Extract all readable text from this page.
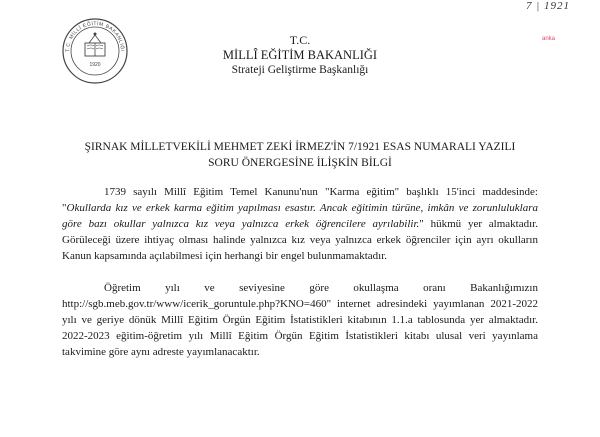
7 | 1921
anka
T.C. MİLLÎ EĞİTİM BAKANLIĞI
1920
T.C.
MİLLÎ EĞİTİM BAKANLIĞI
Strateji Geliştirme Başkanlığı
ŞIRNAK MİLLETVEKİLİ MEHMET ZEKİ İRMEZ'İN 7/1921 ESAS NUMARALI YAZILI
SORU ÖNERGESİNE İLİŞKİN BİLGİ
1739 sayılı Millî Eğitim Temel Kanunu'nun "Karma eğitim" başlıklı 15'inci maddesinde: "Okullarda kız ve erkek karma eğitim yapılması esastır. Ancak eğitimin türüne, imkân ve zorunluluklara göre bazı okullar yalnızca kız veya yalnızca erkek öğrencilere ayrılabilir." hükmü yer almaktadır. Görüleceği üzere ihtiyaç olması halinde yalnızca kız veya yalnızca erkek öğrenciler için ayrı okulların Kanun kapsamında açılabilmesi için herhangi bir engel bulunmamaktadır.
Öğretim yılı ve seviyesine göre okullaşma oranı Bakanlığımızın http://sgb.meb.gov.tr/www/icerik_goruntule.php?KNO=460" internet adresindeki yayımlanan 2021-2022 yılı ve geriye dönük Millî Eğitim Örgün Eğitim İstatistikleri kitabının 1.1.a tablosunda yer almaktadır. 2022-2023 eğitim-öğretim yılı Millî Eğitim Örgün Eğitim İstatistikleri kitabı ulusal veri yayınlama takvimine göre aynı adreste yayımlanacaktır.
